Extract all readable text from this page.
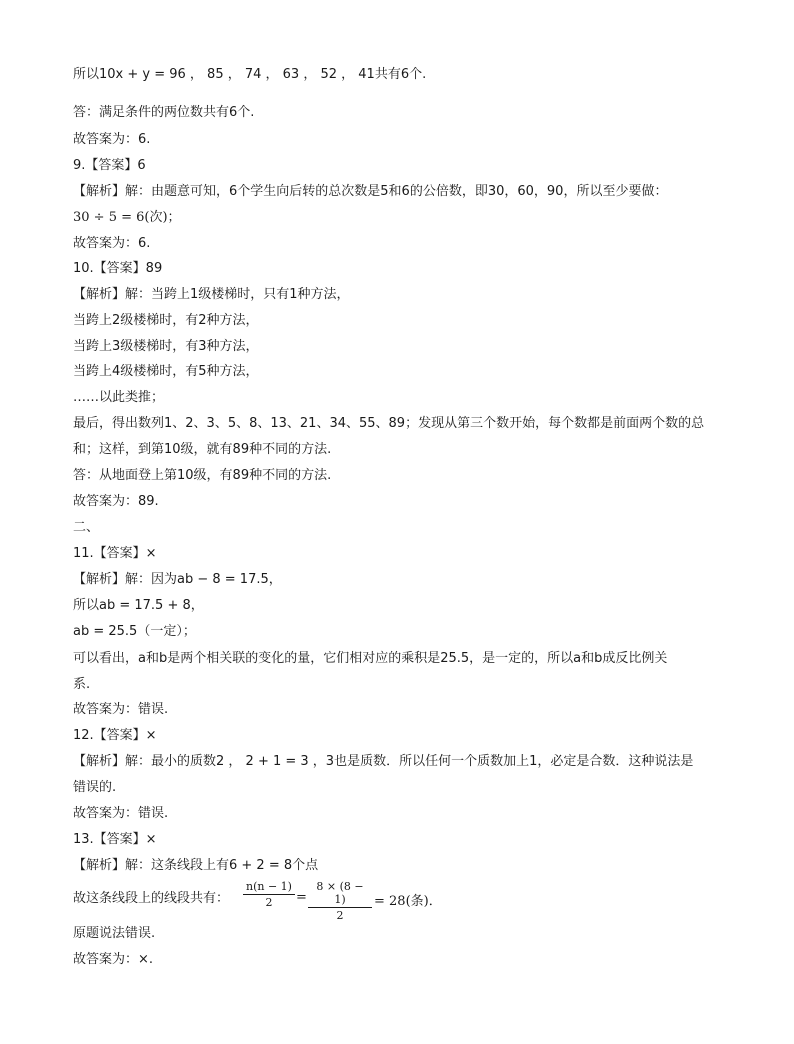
所以10x + y = 96 ， 85 ， 74 ， 63 ， 52 ， 41共有6个.
答：满足条件的两位数共有6个.
故答案为：6.
9.【答案】6
【解析】解：由题意可知，6个学生向后转的总次数是5和6的公倍数，即30，60，90，所以至少要做：
30 ÷ 5 = 6(次)；
故答案为：6.
10.【答案】89
【解析】解：当跨上1级楼梯时，只有1种方法，
当跨上2级楼梯时，有2种方法，
当跨上3级楼梯时，有3种方法，
当跨上4级楼梯时，有5种方法，
……以此类推；
最后，得出数列1、2、3、5、8、13、21、34、55、89；发现从第三个数开始，每个数都是前面两个数的总
和；这样，到第10级，就有89种不同的方法.
答：从地面登上第10级，有89种不同的方法.
故答案为：89.
二、
11.【答案】×
【解析】解：因为ab − 8 = 17.5，
所以ab = 17.5 + 8，
ab = 25.5（一定）；
可以看出，a和b是两个相关联的变化的量，它们相对应的乘积是25.5，是一定的，所以a和b成反比例关
系.
故答案为：错误.
12.【答案】×
【解析】解：最小的质数2 ， 2 + 1 = 3 ，3也是质数．所以任何一个质数加上1，必定是合数．这种说法是
错误的.
故答案为：错误.
13.【答案】×
【解析】解：这条线段上有6 + 2 = 8个点
故这条线段上的线段共有：
n(n − 1)
2	=
8 × (8 − 1)
2
= 28(条)．
原题说法错误.
故答案为：×.
